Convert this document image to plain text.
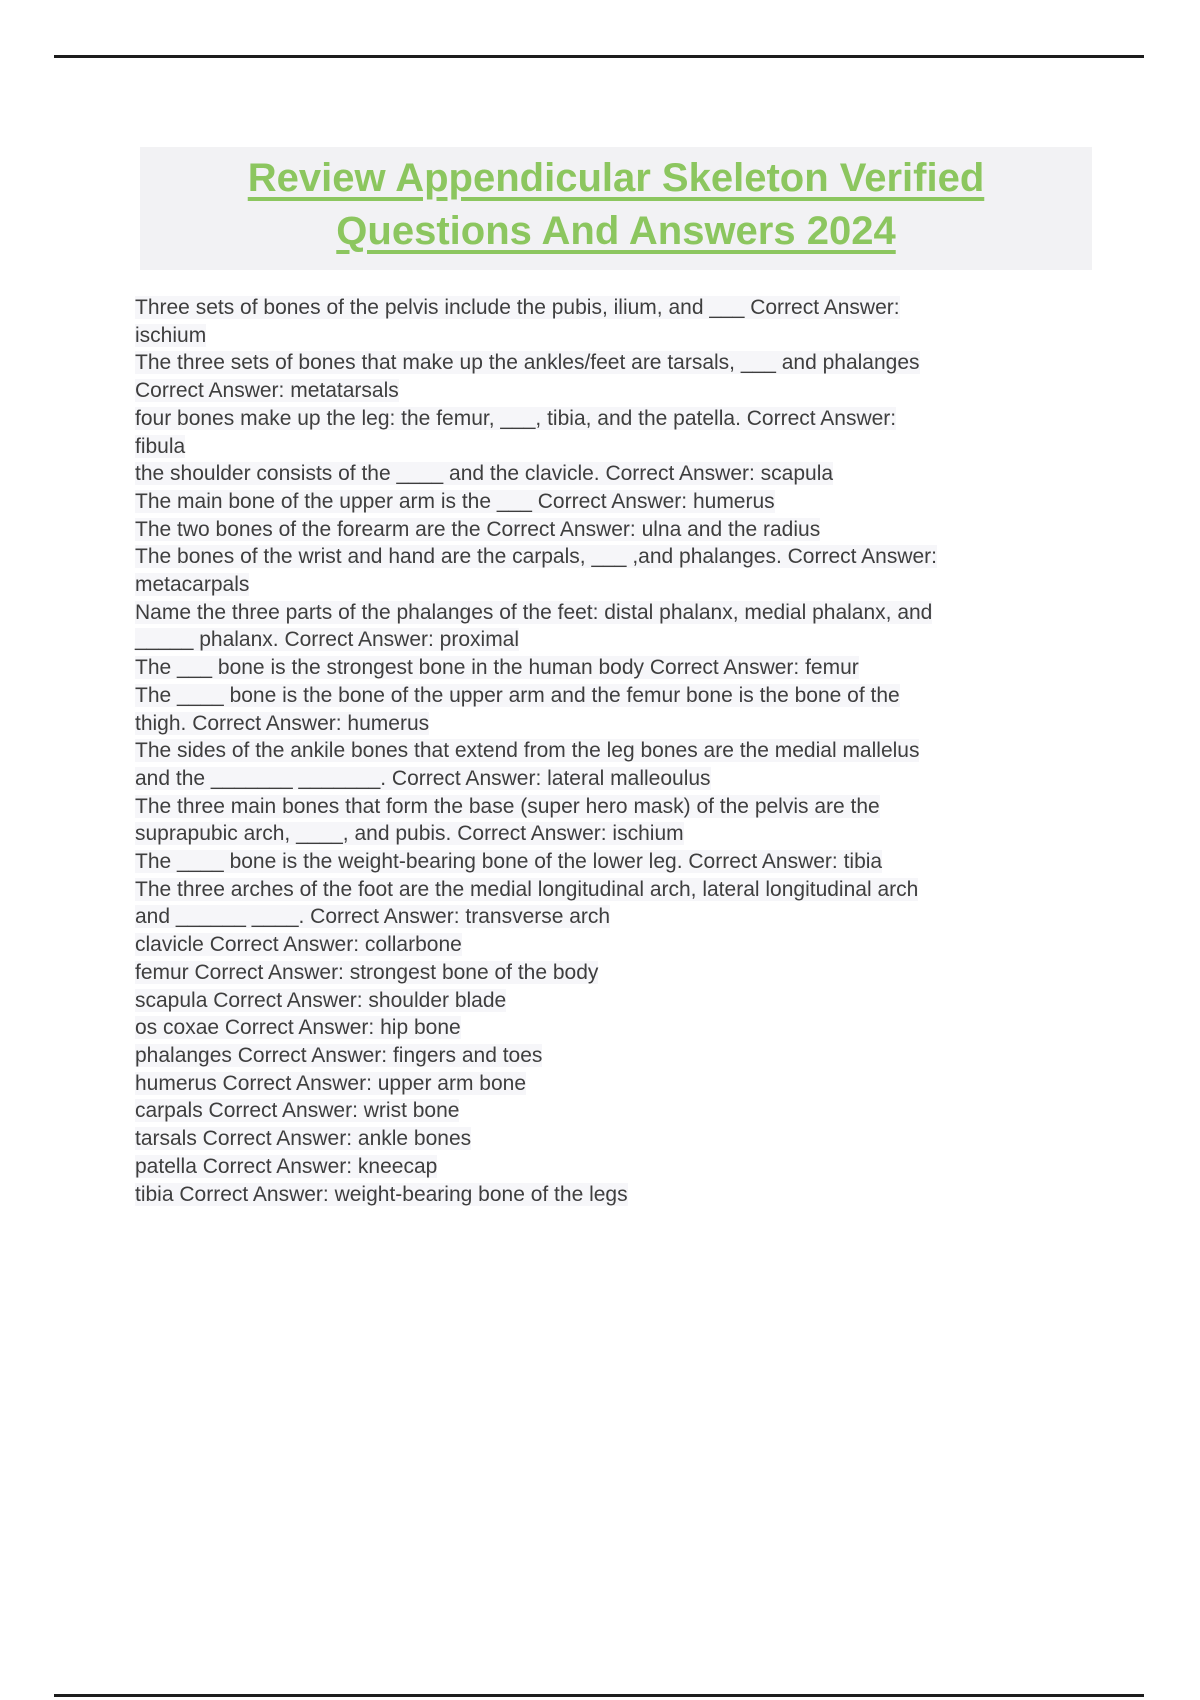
Review Appendicular Skeleton Verified
Questions And Answers 2024
Three sets of bones of the pelvis include the pubis, ilium, and ___ Correct Answer:
ischium
The three sets of bones that make up the ankles/feet are tarsals, ___ and phalanges
Correct Answer: metatarsals
four bones make up the leg: the femur, ___, tibia, and the patella. Correct Answer:
fibula
the shoulder consists of the ____ and the clavicle. Correct Answer: scapula
The main bone of the upper arm is the ___ Correct Answer: humerus
The two bones of the forearm are the Correct Answer: ulna and the radius
The bones of the wrist and hand are the carpals, ___ ,and phalanges. Correct Answer:
metacarpals
Name the three parts of the phalanges of the feet: distal phalanx, medial phalanx, and
_____ phalanx. Correct Answer: proximal
The ___ bone is the strongest bone in the human body Correct Answer: femur
The ____ bone is the bone of the upper arm and the femur bone is the bone of the
thigh. Correct Answer: humerus
The sides of the ankile bones that extend from the leg bones are the medial mallelus
and the _______ _______. Correct Answer: lateral malleoulus
The three main bones that form the base (super hero mask) of the pelvis are the
suprapubic arch, ____, and pubis. Correct Answer: ischium
The ____ bone is the weight-bearing bone of the lower leg. Correct Answer: tibia
The three arches of the foot are the medial longitudinal arch, lateral longitudinal arch
and ______ ____. Correct Answer: transverse arch
clavicle Correct Answer: collarbone
femur Correct Answer: strongest bone of the body
scapula Correct Answer: shoulder blade
os coxae Correct Answer: hip bone
phalanges Correct Answer: fingers and toes
humerus Correct Answer: upper arm bone
carpals Correct Answer: wrist bone
tarsals Correct Answer: ankle bones
patella Correct Answer: kneecap
tibia Correct Answer: weight-bearing bone of the legs
